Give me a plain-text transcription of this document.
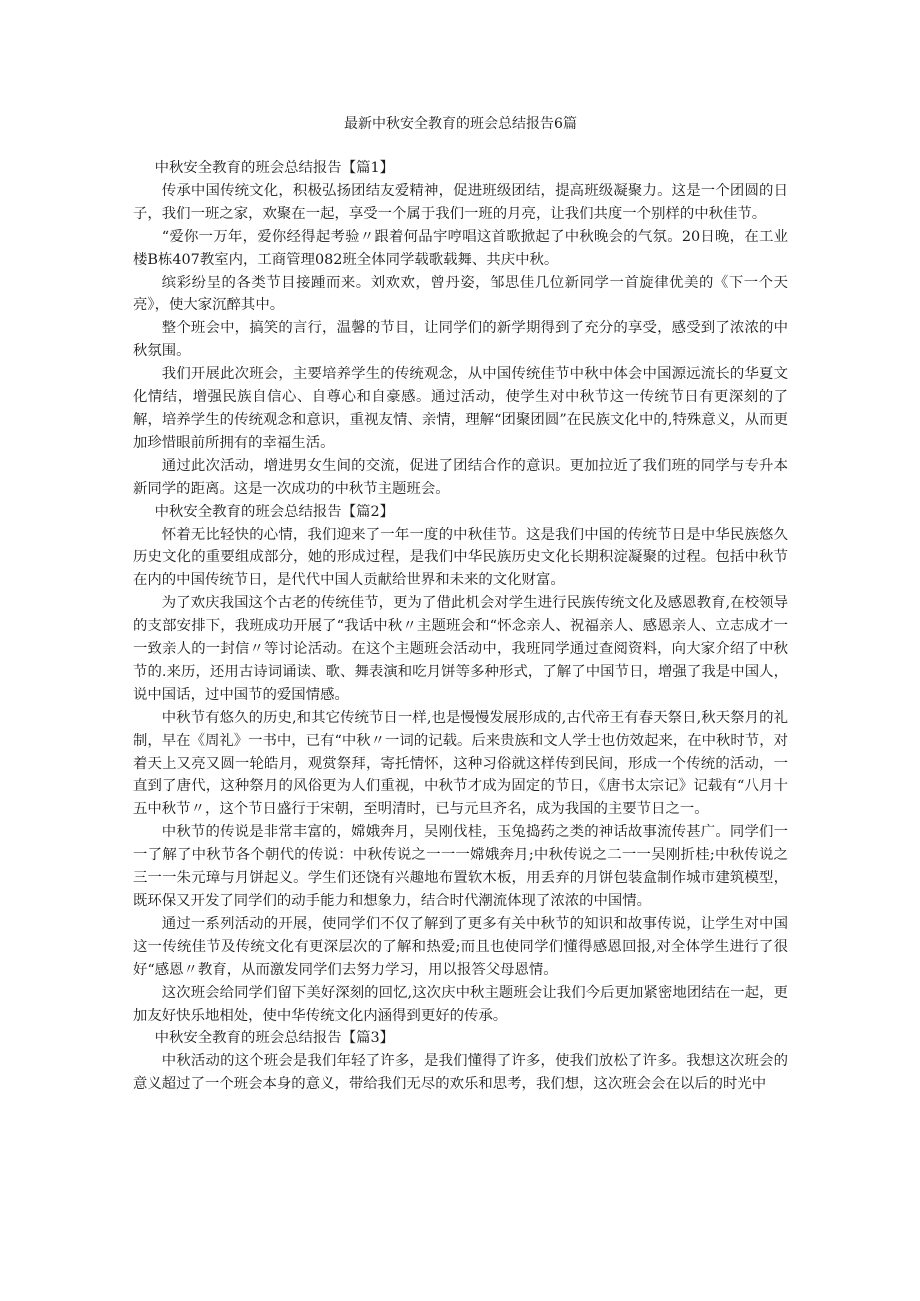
最新中秋安全教育的班会总结报告6篇

中秋安全教育的班会总结报告【篇1】

传承中国传统文化，积极弘扬团结友爱精神，促进班级团结，提高班级凝聚力。这是一个团圆的日子，我们一班之家，欢聚在一起，享受一个属于我们一班的月亮，让我们共度一个别样的中秋佳节。

“爱你一万年，爱你经得起考验〃跟着何品宇哼唱这首歌掀起了中秋晚会的气氛。20日晚，在工业楼B栋407教室内，工商管理082班全体同学载歌载舞、共庆中秋。

缤彩纷呈的各类节目接踵而来。刘欢欢，曾丹姿，邹思佳几位新同学一首旋律优美的《下一个天亮》，使大家沉醉其中。

整个班会中，搞笑的言行，温馨的节目，让同学们的新学期得到了充分的享受，感受到了浓浓的中秋氛围。

我们开展此次班会，主要培养学生的传统观念，从中国传统佳节中秋中体会中国源远流长的华夏文化情结，增强民族自信心、自尊心和自豪感。通过活动，使学生对中秋节这一传统节日有更深刻的了解，培养学生的传统观念和意识，重视友情、亲情，理解“团聚团圆”在民族文化中的,特殊意义，从而更加珍惜眼前所拥有的幸福生活。

通过此次活动，增进男女生间的交流，促进了团结合作的意识。更加拉近了我们班的同学与专升本新同学的距离。这是一次成功的中秋节主题班会。

中秋安全教育的班会总结报告【篇2】

怀着无比轻快的心情，我们迎来了一年一度的中秋佳节。这是我们中国的传统节日是中华民族悠久历史文化的重要组成部分，她的形成过程，是我们中华民族历史文化长期积淀凝聚的过程。包括中秋节在内的中国传统节日，是代代中国人贡献给世界和未来的文化财富。

为了欢庆我国这个古老的传统佳节，更为了借此机会对学生进行民族传统文化及感恩教育,在校领导的支部安排下，我班成功开展了“我话中秋〃主题班会和“怀念亲人、祝福亲人、感恩亲人、立志成才一一致亲人的一封信〃等讨论活动。在这个主题班会活动中，我班同学通过查阅资料，向大家介绍了中秋节的.来历，还用古诗词诵读、歌、舞表演和吃月饼等多种形式，了解了中国节日，增强了我是中国人，说中国话，过中国节的爱国情感。

中秋节有悠久的历史,和其它传统节日一样,也是慢慢发展形成的,古代帝王有春天祭日,秋天祭月的礼制，早在《周礼》一书中，已有“中秋〃一词的记载。后来贵族和文人学士也仿效起来，在中秋时节，对着天上又亮又圆一轮皓月，观赏祭拜，寄托情怀，这种习俗就这样传到民间，形成一个传统的活动，一直到了唐代，这种祭月的风俗更为人们重视，中秋节才成为固定的节日，《唐书太宗记》记载有“八月十五中秋节〃，这个节日盛行于宋朝，至明清时，已与元旦齐名，成为我国的主要节日之一。

中秋节的传说是非常丰富的，嫦娥奔月，吴刚伐桂，玉兔捣药之类的神话故事流传甚广。同学们一一了解了中秋节各个朝代的传说：中秋传说之一一一嫦娥奔月;中秋传说之二一一吴刚折桂;中秋传说之三一一朱元璋与月饼起义。学生们还饶有兴趣地布置软木板，用丢弃的月饼包装盒制作城市建筑模型，既环保又开发了同学们的动手能力和想象力，结合时代潮流体现了浓浓的中国情。

通过一系列活动的开展，使同学们不仅了解到了更多有关中秋节的知识和故事传说，让学生对中国这一传统佳节及传统文化有更深层次的了解和热爱;而且也使同学们懂得感恩回报,对全体学生进行了很好“感恩〃教育，从而激发同学们去努力学习，用以报答父母恩情。

这次班会给同学们留下美好深刻的回忆,这次庆中秋主题班会让我们今后更加紧密地团结在一起，更加友好快乐地相处，使中华传统文化内涵得到更好的传承。

中秋安全教育的班会总结报告【篇3】

中秋活动的这个班会是我们年轻了许多，是我们懂得了许多，使我们放松了许多。我想这次班会的意义超过了一个班会本身的意义，带给我们无尽的欢乐和思考，我们想，这次班会会在以后的时光中
